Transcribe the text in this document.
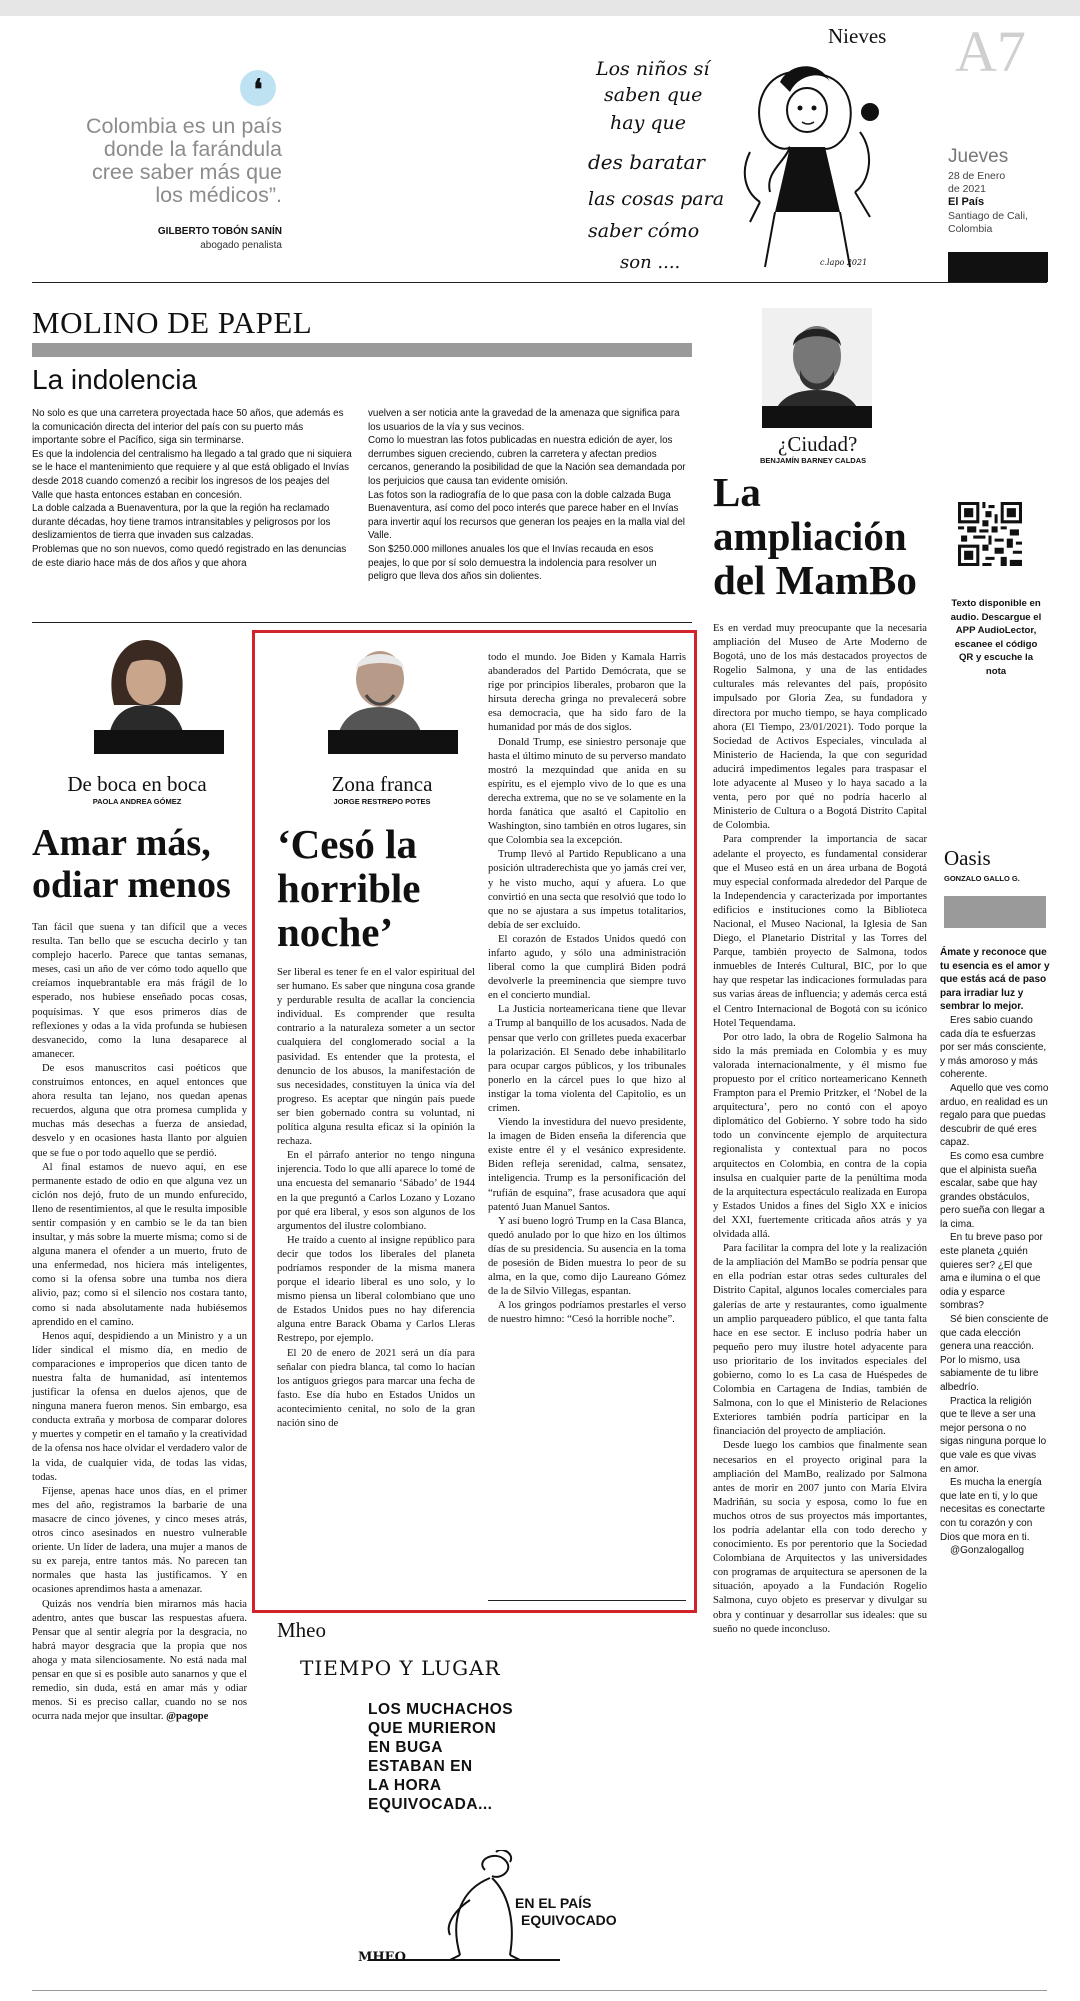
❛
Colombia es un país donde la farándula cree saber más que los médicos”.
GILBERTO TOBÓN SANÍN
abogado penalista
Los niños sí
saben que
hay que
des baratar
las cosas para
saber cómo
son ....	c.lapo 2021
Nieves A7
Jueves
28 de Enero
de 2021
El País
Santiago de Cali,
Colombia
MOLINO DE PAPEL
La indolencia

No solo es que una carretera proyectada hace 50 años, que además es la comunicación directa del interior del país con su puerto más importante sobre el Pacífico, siga sin terminarse.

Es que la indolencia del centralismo ha llegado a tal grado que ni siquiera se le hace el mantenimiento que requiere y al que está obligado el Invías desde 2018 cuando comenzó a recibir los ingresos de los peajes del Valle que hasta entonces estaban en concesión.

La doble calzada a Buenaventura, por la que la región ha reclamado durante décadas, hoy tiene tramos intransitables y peligrosos por los deslizamientos de tierra que invaden sus calzadas.

Problemas que no son nuevos, como quedó registrado en las denuncias de este diario hace más de dos años y que ahora

vuelven a ser noticia ante la gravedad de la amenaza que significa para los usuarios de la vía y sus vecinos.

Como lo muestran las fotos publicadas en nuestra edición de ayer, los derrumbes siguen creciendo, cubren la carretera y afectan predios cercanos, generando la posibilidad de que la Nación sea demandada por los perjuicios que causa tan evidente omisión.

Las fotos son la radiografía de lo que pasa con la doble calzada Buga Buenaventura, así como del poco interés que parece haber en el Invías para invertir aquí los recursos que generan los peajes en la malla vial del Valle.

Son $250.000 millones anuales los que el Invías recauda en esos peajes, lo que por sí solo demuestra la indolencia para resolver un peligro que lleva dos años sin dolientes.

¿Ciudad?
BENJAMÍN BARNEY CALDAS
La ampliación del MamBo

Es en verdad muy preocupante que la necesaria ampliación del Museo de Arte Moderno de Bogotá, uno de los más destacados proyectos de Rogelio Salmona, y una de las entidades culturales más relevantes del país, propósito impulsado por Gloria Zea, su fundadora y directora por mucho tiempo, se haya complicado ahora (El Tiempo, 23/01/2021). Todo porque la Sociedad de Activos Especiales, vinculada al Ministerio de Hacienda, la que con seguridad aducirá impedimentos legales para traspasar el lote adyacente al Museo y lo haya sacado a la venta, pero por qué no podría hacerlo al Ministerio de Cultura o a Bogotá Distrito Capital de Colombia.

Para comprender la importancia de sacar adelante el proyecto, es fundamental considerar que el Museo está en un área urbana de Bogotá muy especial conformada alrededor del Parque de la Independencia y caracterizada por importantes edificios e instituciones como la Biblioteca Nacional, el Museo Nacional, la Iglesia de San Diego, el Planetario Distrital y las Torres del Parque, también proyecto de Salmona, todos inmuebles de Interés Cultural, BIC, por lo que hay que respetar las indicaciones formuladas para sus varias áreas de influencia; y además cerca está el Centro Internacional de Bogotá con su icónico Hotel Tequendama.

Por otro lado, la obra de Rogelio Salmona ha sido la más premiada en Colombia y es muy valorada internacionalmente, y él mismo fue propuesto por el crítico norteamericano Kenneth Frampton para el Premio Pritzker, el ‘Nobel de la arquitectura’, pero no contó con el apoyo diplomático del Gobierno. Y sobre todo ha sido todo un convincente ejemplo de arquitectura regionalista y contextual para no pocos arquitectos en Colombia, en contra de la copia insulsa en cualquier parte de la penúltima moda de la arquitectura espectáculo realizada en Europa y Estados Unidos a fines del Siglo XX e inicios del XXI, fuertemente criticada años atrás y ya olvidada allá.

Para facilitar la compra del lote y la realización de la ampliación del MamBo se podría pensar que en ella podrían estar otras sedes culturales del Distrito Capital, algunos locales comerciales para galerías de arte y restaurantes, como igualmente un amplio parqueadero público, el que tanta falta hace en ese sector. E incluso podría haber un pequeño pero muy ilustre hotel adyacente para uso prioritario de los invitados especiales del gobierno, como lo es La casa de Huéspedes de Colombia en Cartagena de Indias, también de Salmona, con lo que el Ministerio de Relaciones Exteriores también podría participar en la financiación del proyecto de ampliación.

Desde luego los cambios que finalmente sean necesarios en el proyecto original para la ampliación del MamBo, realizado por Salmona antes de morir en 2007 junto con María Elvira Madriñán, su socia y esposa, como lo fue en muchos otros de sus proyectos más importantes, los podría adelantar ella con todo derecho y conocimiento. Es por perentorio que la Sociedad Colombiana de Arquitectos y las universidades con programas de arquitectura se apersonen de la situación, apoyado a la Fundación Rogelio Salmona, cuyo objeto es preservar y divulgar su obra y continuar y desarrollar sus ideales: que su sueño no quede inconcluso.

Texto disponible en audio. Descargue el
APP AudioLector,
escanee el código
QR y escuche la
nota
De boca en boca
PAOLA ANDREA GÓMEZ
Amar más, odiar menos

Tan fácil que suena y tan difícil que a veces resulta. Tan bello que se escucha decirlo y tan complejo hacerlo. Parece que tantas semanas, meses, casi un año de ver cómo todo aquello que creíamos inquebrantable era más frágil de lo esperado, nos hubiese enseñado pocas cosas, poquísimas. Y que esos primeros días de reflexiones y odas a la vida profunda se hubiesen desvanecido, como la luna desaparece al amanecer.

De esos manuscritos casi poéticos que construimos entonces, en aquel entonces que ahora resulta tan lejano, nos quedan apenas recuerdos, alguna que otra promesa cumplida y muchas más desechas a fuerza de ansiedad, desvelo y en ocasiones hasta llanto por alguien que se fue o por todo aquello que se perdió.

Al final estamos de nuevo aquí, en ese permanente estado de odio en que alguna vez un ciclón nos dejó, fruto de un mundo enfurecido, lleno de resentimientos, al que le resulta imposible sentir compasión y en cambio se le da tan bien insultar, y más sobre la muerte misma; como si de alguna manera el ofender a un muerto, fruto de una enfermedad, nos hiciera más inteligentes, como si la ofensa sobre una tumba nos diera alivio, paz; como si el silencio nos costara tanto, como si nada absolutamente nada hubiésemos aprendido en el camino.

Henos aquí, despidiendo a un Ministro y a un líder sindical el mismo día, en medio de comparaciones e improperios que dicen tanto de nuestra falta de humanidad, así intentemos justificar la ofensa en duelos ajenos, que de ninguna manera fueron menos. Sin embargo, esa conducta extraña y morbosa de comparar dolores y muertes y competir en el tamaño y la creatividad de la ofensa nos hace olvidar el verdadero valor de la vida, de cualquier vida, de todas las vidas, todas.

Fíjense, apenas hace unos días, en el primer mes del año, registramos la barbarie de una masacre de cinco jóvenes, y cinco meses atrás, otros cinco asesinados en nuestro vulnerable oriente. Un líder de ladera, una mujer a manos de su ex pareja, entre tantos más. No parecen tan normales que hasta las justificamos. Y en ocasiones aprendimos hasta a amenazar.

Quizás nos vendría bien mirarnos más hacia adentro, antes que buscar las respuestas afuera. Pensar que al sentir alegría por la desgracia, no habrá mayor desgracia que la propia que nos ahoga y mata silenciosamente. No está nada mal pensar en que si es posible auto sanarnos y que el remedio, sin duda, está en amar más y odiar menos. Si es preciso callar, cuando no se nos ocurra nada mejor que insultar. @pagope

Zona franca
JORGE RESTREPO POTES
‘Cesó la horrible noche’

Ser liberal es tener fe en el valor espiritual del ser humano. Es saber que ninguna cosa grande y perdurable resulta de acallar la conciencia individual. Es comprender que resulta contrario a la naturaleza someter a un sector cualquiera del conglomerado social a la pasividad. Es entender que la protesta, el denuncio de los abusos, la manifestación de sus necesidades, constituyen la única vía del progreso. Es aceptar que ningún país puede ser bien gobernado contra su voluntad, ni política alguna resulta eficaz si la opinión la rechaza.

En el párrafo anterior no tengo ninguna injerencia. Todo lo que allí aparece lo tomé de una encuesta del semanario ‘Sábado’ de 1944 en la que preguntó a Carlos Lozano y Lozano por qué era liberal, y esos son algunos de los argumentos del ilustre colombiano.

He traído a cuento al insigne repúblico para decir que todos los liberales del planeta podríamos responder de la misma manera porque el ideario liberal es uno solo, y lo mismo piensa un liberal colombiano que uno de Estados Unidos pues no hay diferencia alguna entre Barack Obama y Carlos Lleras Restrepo, por ejemplo.

El 20 de enero de 2021 será un día para señalar con piedra blanca, tal como lo hacían los antiguos griegos para marcar una fecha de fasto. Ese día hubo en Estados Unidos un acontecimiento cenital, no solo de la gran nación sino de

todo el mundo. Joe Biden y Kamala Harris abanderados del Partido Demócrata, que se rige por principios liberales, probaron que la hirsuta derecha gringa no prevalecerá sobre esa democracia, que ha sido faro de la humanidad por más de dos siglos.

Donald Trump, ese siniestro personaje que hasta el último minuto de su perverso mandato mostró la mezquindad que anida en su espíritu, es el ejemplo vivo de lo que es una derecha extrema, que no se ve solamente en la horda fanática que asaltó el Capitolio en Washington, sino también en otros lugares, sin que Colombia sea la excepción.

Trump llevó al Partido Republicano a una posición ultraderechista que yo jamás creí ver, y he visto mucho, aquí y afuera. Lo que convirtió en una secta que resolvió que todo lo que no se ajustara a sus ímpetus totalitarios, debía de ser excluido.

El corazón de Estados Unidos quedó con infarto agudo, y sólo una administración liberal como la que cumplirá Biden podrá devolverle la preeminencia que siempre tuvo en el concierto mundial.

La Justicia norteamericana tiene que llevar a Trump al banquillo de los acusados. Nada de pensar que verlo con grilletes pueda exacerbar la polarización. El Senado debe inhabilitarlo para ocupar cargos públicos, y los tribunales ponerlo en la cárcel pues lo que hizo al instigar la toma violenta del Capitolio, es un crimen.

Viendo la investidura del nuevo presidente, la imagen de Biden enseña la diferencia que existe entre él y el vesánico expresidente. Biden refleja serenidad, calma, sensatez, inteligencia. Trump es la personificación del “rufián de esquina”, frase acusadora que aquí patentó Juan Manuel Santos.

Y así bueno logró Trump en la Casa Blanca, quedó anulado por lo que hizo en los últimos días de su presidencia. Su ausencia en la toma de posesión de Biden muestra lo peor de su alma, en la que, como dijo Laureano Gómez de la de Silvio Villegas, espantan.

A los gringos podríamos prestarles el verso de nuestro himno: “Cesó la horrible noche”.

Mheo
TIEMPO Y LUGAR
LOS MUCHACHOS
QUE MURIERON
EN BUGA
ESTABAN EN
LA HORA
EQUIVOCADA...
EN EL PAÍS
EQUIVOCADO
MHEO
Oasis
GONZALO GALLO G.

Ámate y reconoce que tu esencia es el amor y que estás acá de paso para irradiar luz y sembrar lo mejor.

Eres sabio cuando cada día te esfuerzas por ser más consciente, y más amoroso y más coherente.

Aquello que ves como arduo, en realidad es un regalo para que puedas descubrir de qué eres capaz.

Es como esa cumbre que el alpinista sueña escalar, sabe que hay grandes obstáculos, pero sueña con llegar a la cima.

En tu breve paso por este planeta ¿quién quieres ser? ¿El que ama e ilumina o el que odia y esparce sombras?

Sé bien consciente de que cada elección genera una reacción. Por lo mismo, usa sabiamente de tu libre albedrío.

Practica la religión que te lleve a ser una mejor persona o no sigas ninguna porque lo que vale es que vivas en amor.

Es mucha la energía que late en ti, y lo que necesitas es conectarte con tu corazón y con Dios que mora en ti.

@Gonzalogallog
